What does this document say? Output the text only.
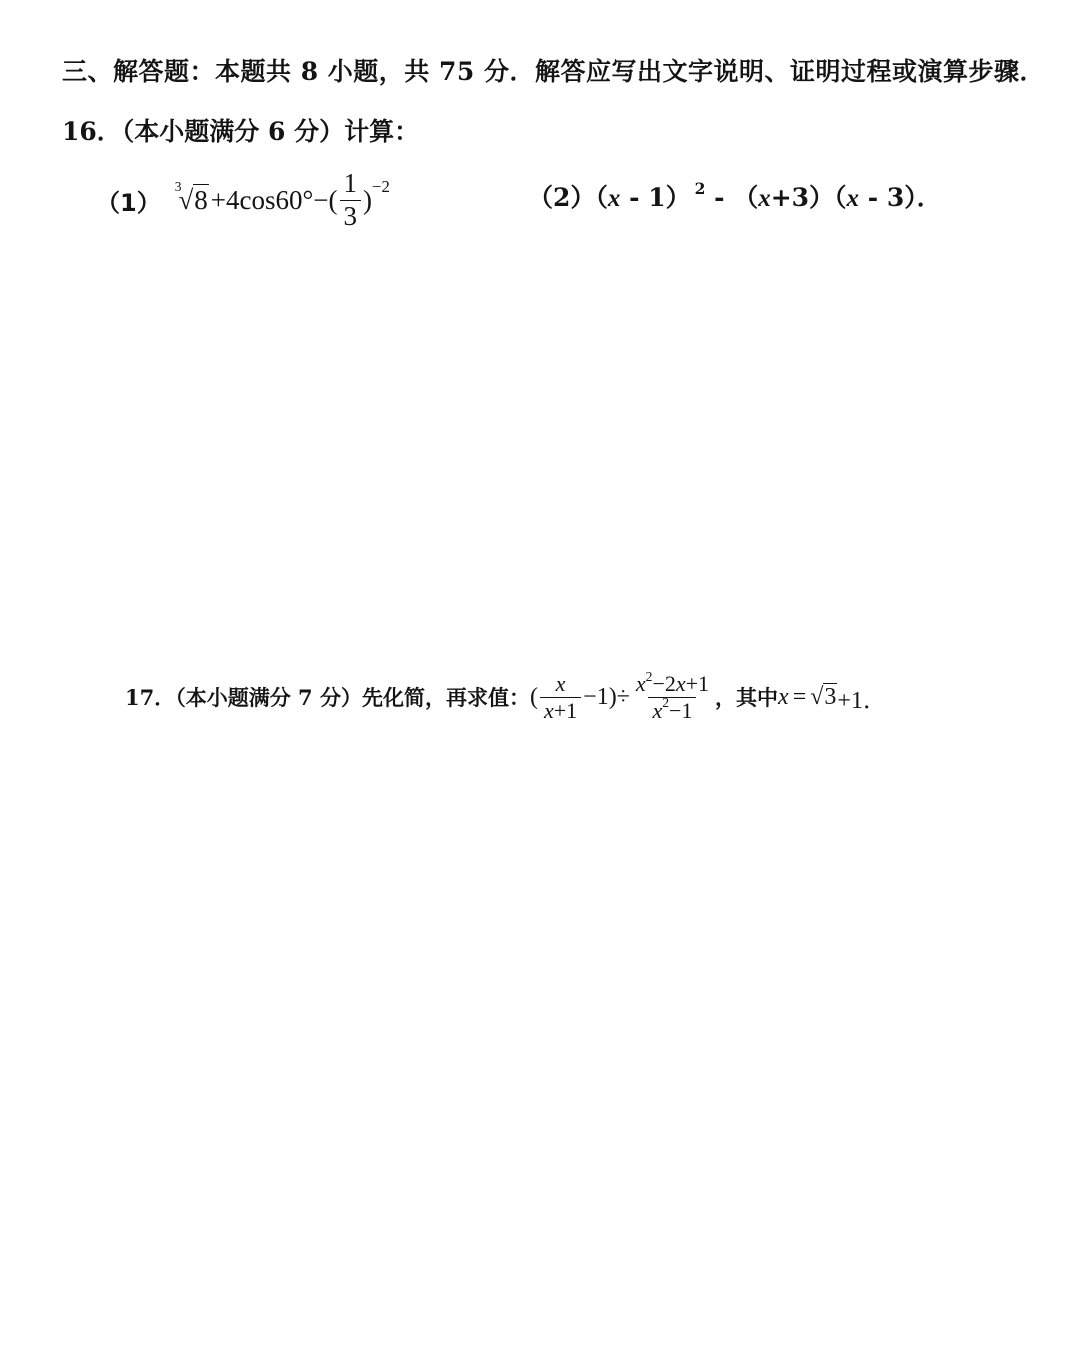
三、解答题：本题共 8 小题，共 75 分．解答应写出文字说明、证明过程或演算步骤．
16．（本小题满分 6 分）计算：
（1）
3
√ $8 +4\cos 60^\circ-( \frac{1}{3}$ ) −2	（2）（x - 1） $^2$ - （x+3）（x - 3）．
17．（本小题满分 7 分）先化简，再求值： ( $\frac{x}{x+1} -1)\div \frac{x^2-2x+1}{x^2-1}$ ，其中 x = √ 3 +1．
